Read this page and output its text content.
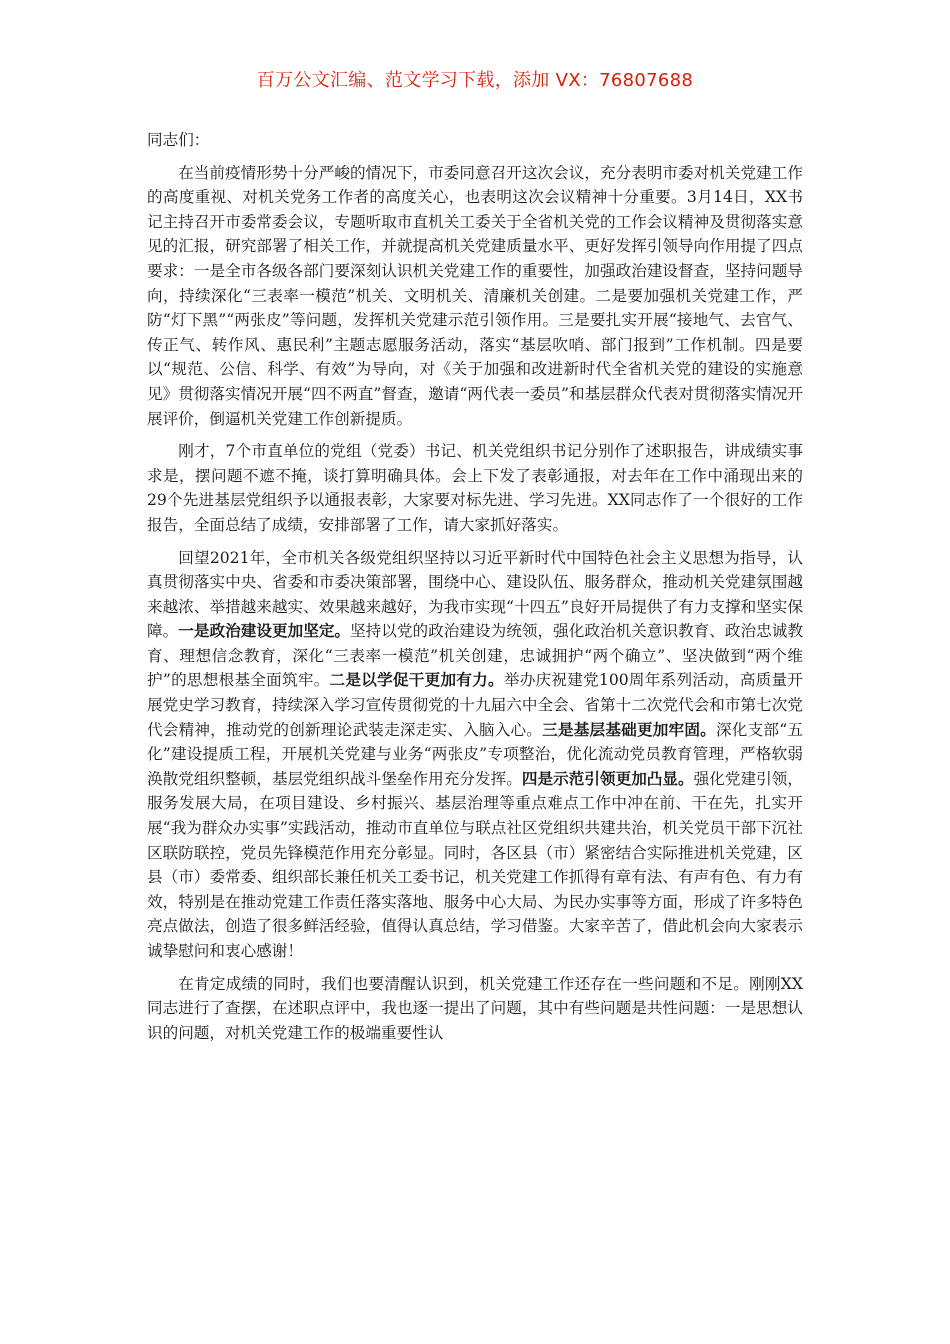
百万公文汇编、范文学习下载，添加 VX：76807688

同志们：

在当前疫情形势十分严峻的情况下，市委同意召开这次会议，充分表明市委对机关党建工作的高度重视、对机关党务工作者的高度关心，也表明这次会议精神十分重要。3月14日，XX书记主持召开市委常委会议，专题听取市直机关工委关于全省机关党的工作会议精神及贯彻落实意见的汇报，研究部署了相关工作，并就提高机关党建质量水平、更好发挥引领导向作用提了四点要求：一是全市各级各部门要深刻认识机关党建工作的重要性，加强政治建设督查，坚持问题导向，持续深化“三表率一模范”机关、文明机关、清廉机关创建。二是要加强机关党建工作，严防“灯下黑”“两张皮”等问题，发挥机关党建示范引领作用。三是要扎实开展“接地气、去官气、传正气、转作风、惠民利”主题志愿服务活动，落实“基层吹哨、部门报到”工作机制。四是要以“规范、公信、科学、有效”为导向，对《关于加强和改进新时代全省机关党的建设的实施意见》贯彻落实情况开展“四不两直”督查，邀请“两代表一委员”和基层群众代表对贯彻落实情况开展评价，倒逼机关党建工作创新提质。

刚才，7个市直单位的党组（党委）书记、机关党组织书记分别作了述职报告，讲成绩实事求是，摆问题不遮不掩，谈打算明确具体。会上下发了表彰通报，对去年在工作中涌现出来的29个先进基层党组织予以通报表彰，大家要对标先进、学习先进。XX同志作了一个很好的工作报告，全面总结了成绩，安排部署了工作，请大家抓好落实。

回望2021年，全市机关各级党组织坚持以习近平新时代中国特色社会主义思想为指导，认真贯彻落实中央、省委和市委决策部署，围绕中心、建设队伍、服务群众，推动机关党建氛围越来越浓、举措越来越实、效果越来越好，为我市实现“十四五”良好开局提供了有力支撑和坚实保障。一是政治建设更加坚定。坚持以党的政治建设为统领，强化政治机关意识教育、政治忠诚教育、理想信念教育，深化“三表率一模范”机关创建，忠诚拥护“两个确立”、坚决做到“两个维护”的思想根基全面筑牢。二是以学促干更加有力。举办庆祝建党100周年系列活动，高质量开展党史学习教育，持续深入学习宣传贯彻党的十九届六中全会、省第十二次党代会和市第七次党代会精神，推动党的创新理论武装走深走实、入脑入心。三是基层基础更加牢固。深化支部“五化”建设提质工程，开展机关党建与业务“两张皮”专项整治，优化流动党员教育管理，严格软弱涣散党组织整顿，基层党组织战斗堡垒作用充分发挥。四是示范引领更加凸显。强化党建引领，服务发展大局，在项目建设、乡村振兴、基层治理等重点难点工作中冲在前、干在先，扎实开展“我为群众办实事”实践活动，推动市直单位与联点社区党组织共建共治，机关党员干部下沉社区联防联控，党员先锋模范作用充分彰显。同时，各区县（市）紧密结合实际推进机关党建，区县（市）委常委、组织部长兼任机关工委书记，机关党建工作抓得有章有法、有声有色、有力有效，特别是在推动党建工作责任落实落地、服务中心大局、为民办实事等方面，形成了许多特色亮点做法，创造了很多鲜活经验，值得认真总结，学习借鉴。大家辛苦了，借此机会向大家表示诚挚慰问和衷心感谢！

在肯定成绩的同时，我们也要清醒认识到，机关党建工作还存在一些问题和不足。刚刚XX同志进行了查摆，在述职点评中，我也逐一提出了问题，其中有些问题是共性问题：一是思想认识的问题，对机关党建工作的极端重要性认
